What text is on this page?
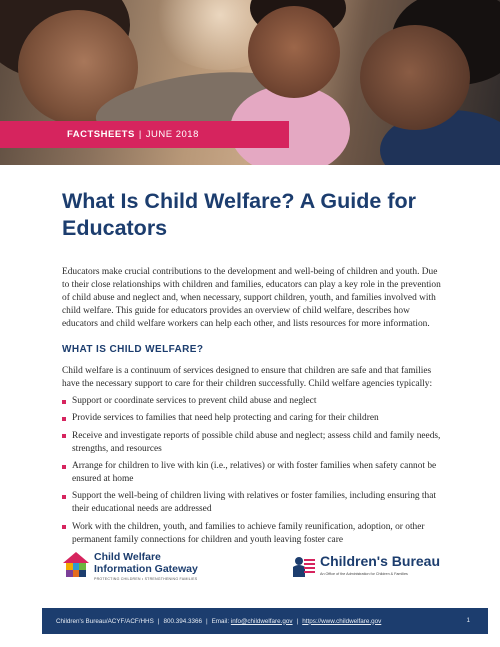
FACTSHEETS | JUNE 2018
What Is Child Welfare? A Guide for Educators

Educators make crucial contributions to the development and well-being of children and youth. Due to their close relationships with children and families, educators can play a key role in the prevention of child abuse and neglect and, when necessary, support children, youth, and families involved with child welfare. This guide for educators provides an overview of child welfare, describes how educators and child welfare workers can help each other, and lists resources for more information.

WHAT IS CHILD WELFARE?

Child welfare is a continuum of services designed to ensure that children are safe and that families have the necessary support to care for their children successfully. Child welfare agencies typically:

Support or coordinate services to prevent child abuse and neglect
Provide services to families that need help protecting and caring for their children
Receive and investigate reports of possible child abuse and neglect; assess child and family needs, strengths, and resources
Arrange for children to live with kin (i.e., relatives) or with foster families when safety cannot be ensured at home
Support the well-being of children living with relatives or foster families, including ensuring that their educational needs are addressed
Work with the children, youth, and families to achieve family reunification, adoption, or other permanent family connections for children and youth leaving foster care
Child Welfare
Information Gateway
PROTECTING CHILDREN • STRENGTHENING FAMILIES
Children's Bureau
An Office of the Administration for Children & Families
Children's Bureau/ACYF/ACF/HHS | 800.394.3366 | Email:
info@childwelfare.gov | https://www.childwelfare.gov	1
